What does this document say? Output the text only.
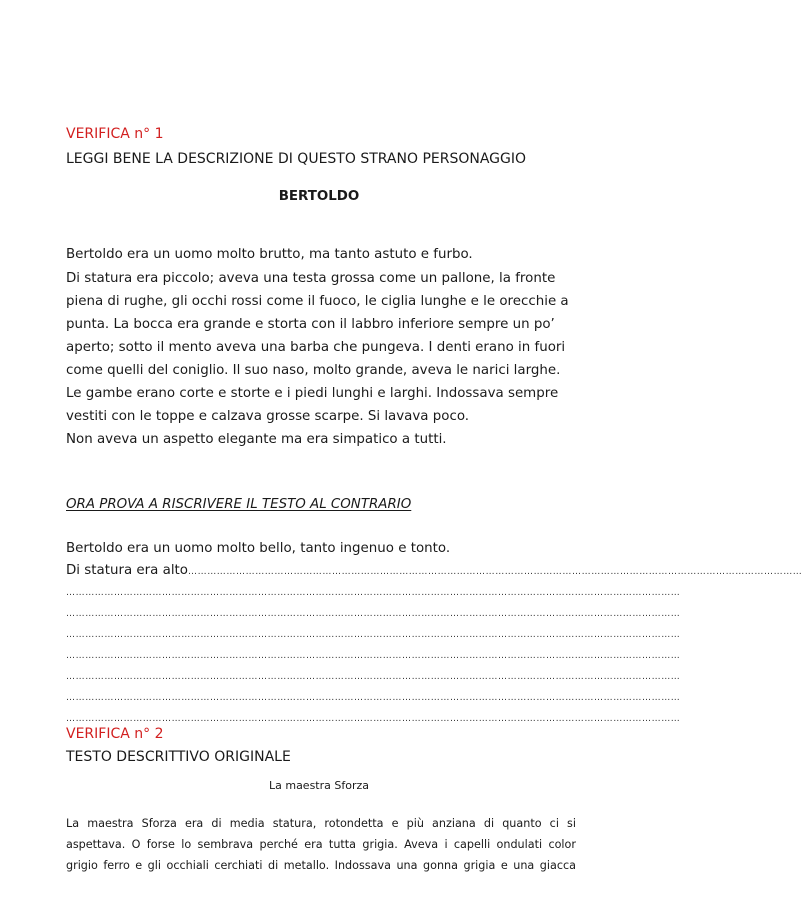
VERIFICA n° 1
LEGGI BENE LA DESCRIZIONE DI QUESTO STRANO PERSONAGGIO
BERTOLDO
Bertoldo era un uomo molto brutto, ma tanto astuto e furbo.
Di statura era piccolo; aveva una testa grossa come un pallone, la fronte
piena di rughe, gli occhi rossi come il fuoco, le ciglia lunghe e le orecchie a
punta. La bocca era grande e storta con il labbro inferiore sempre un po’
aperto; sotto il mento aveva una barba che pungeva. I denti erano in fuori
come quelli del coniglio. Il suo naso, molto grande, aveva le narici larghe.
Le gambe erano corte e storte e i piedi lunghi e larghi. Indossava sempre
vestiti con le toppe e calzava grosse scarpe. Si lavava poco.
Non aveva un aspetto elegante ma era simpatico a tutti.
ORA PROVA A RISCRIVERE IL TESTO AL CONTRARIO
Bertoldo era un uomo molto bello, tanto ingenuo e tonto.
Di statura era alto…………………………………………………………………………………………………………………………………………………………………………
…………………………………………………………………………………………………………………………………………………………………………
…………………………………………………………………………………………………………………………………………………………………………
…………………………………………………………………………………………………………………………………………………………………………
…………………………………………………………………………………………………………………………………………………………………………
…………………………………………………………………………………………………………………………………………………………………………
…………………………………………………………………………………………………………………………………………………………………………
…………………………………………………………………………………………………………………………………………………………………………
VERIFICA n° 2
TESTO DESCRITTIVO ORIGINALE
La maestra Sforza
La maestra Sforza era di media statura, rotondetta e più anziana di quanto ci si
aspettava. O forse lo sembrava perché era tutta grigia. Aveva i capelli ondulati color
grigio ferro e gli occhiali cerchiati di metallo. Indossava una gonna grigia e una giacca
